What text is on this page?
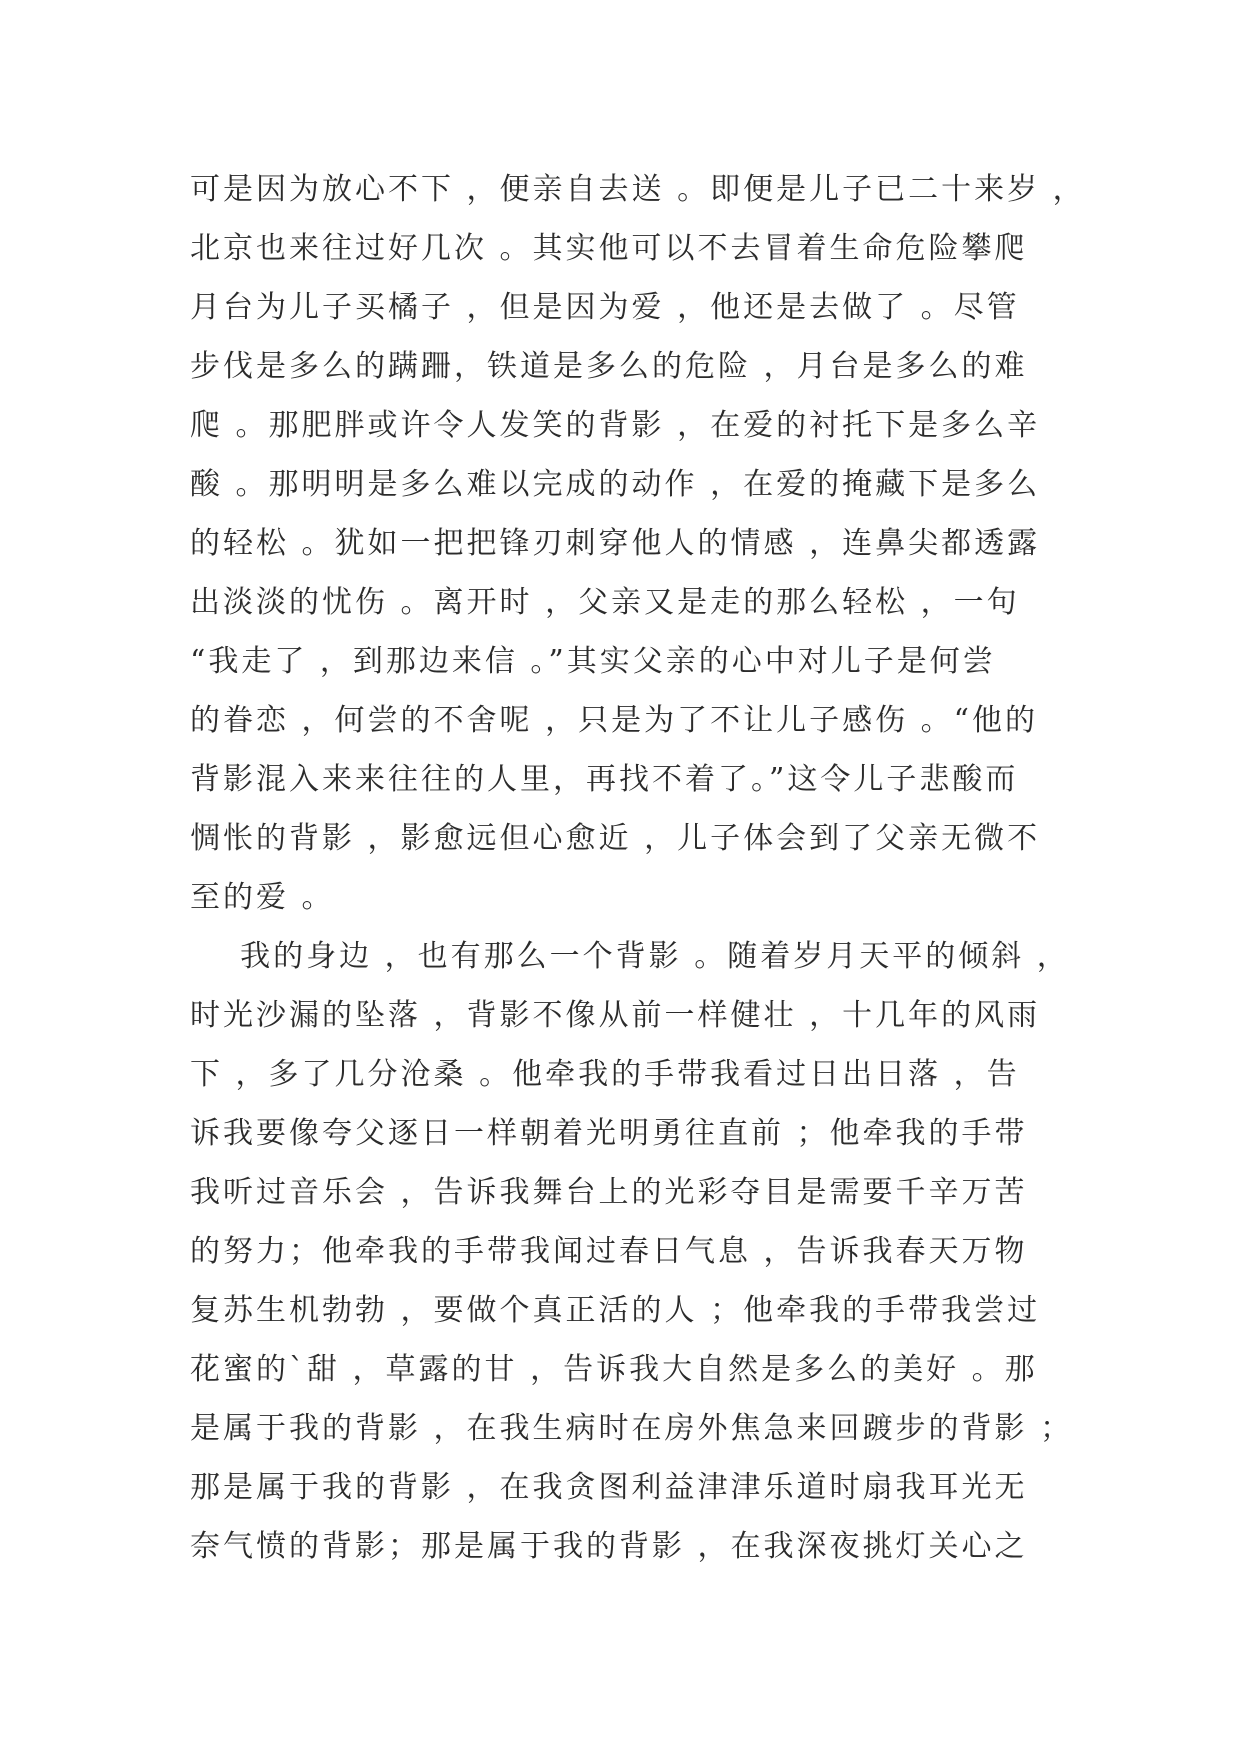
可是因为放心不下 ，便亲自去送 。即便是儿子已二十来岁 ，
北京也来往过好几次 。其实他可以不去冒着生命危险攀爬
月台为儿子买橘子 ，但是因为爱 ，他还是去做了 。尽管
步伐是多么的蹒跚，铁道是多么的危险 ，月台是多么的难
爬 。那肥胖或许令人发笑的背影 ，在爱的衬托下是多么辛
酸 。那明明是多么难以完成的动作 ，在爱的掩藏下是多么
的轻松 。犹如一把把锋刃刺穿他人的情感 ，连鼻尖都透露
出淡淡的忧伤 。离开时 ，父亲又是走的那么轻松 ，一句
“我走了 ，到那边来信 。”其实父亲的心中对儿子是何尝
的眷恋 ，何尝的不舍呢 ，只是为了不让儿子感伤 。“他的
背影混入来来往往的人里，再找不着了。”这令儿子悲酸而
惆怅的背影 ，影愈远但心愈近 ，儿子体会到了父亲无微不
至的爱 。
我的身边 ，也有那么一个背影 。随着岁月天平的倾斜 ，
时光沙漏的坠落 ，背影不像从前一样健壮 ，十几年的风雨
下 ，多了几分沧桑 。他牵我的手带我看过日出日落 ，告
诉我要像夸父逐日一样朝着光明勇往直前 ；他牵我的手带
我听过音乐会 ，告诉我舞台上的光彩夺目是需要千辛万苦
的努力；他牵我的手带我闻过春日气息 ，告诉我春天万物
复苏生机勃勃 ，要做个真正活的人 ；他牵我的手带我尝过
花蜜的`甜 ，草露的甘 ，告诉我大自然是多么的美好 。那
是属于我的背影 ，在我生病时在房外焦急来回踱步的背影 ；
那是属于我的背影 ，在我贪图利益津津乐道时扇我耳光无
奈气愤的背影；那是属于我的背影 ，在我深夜挑灯关心之
